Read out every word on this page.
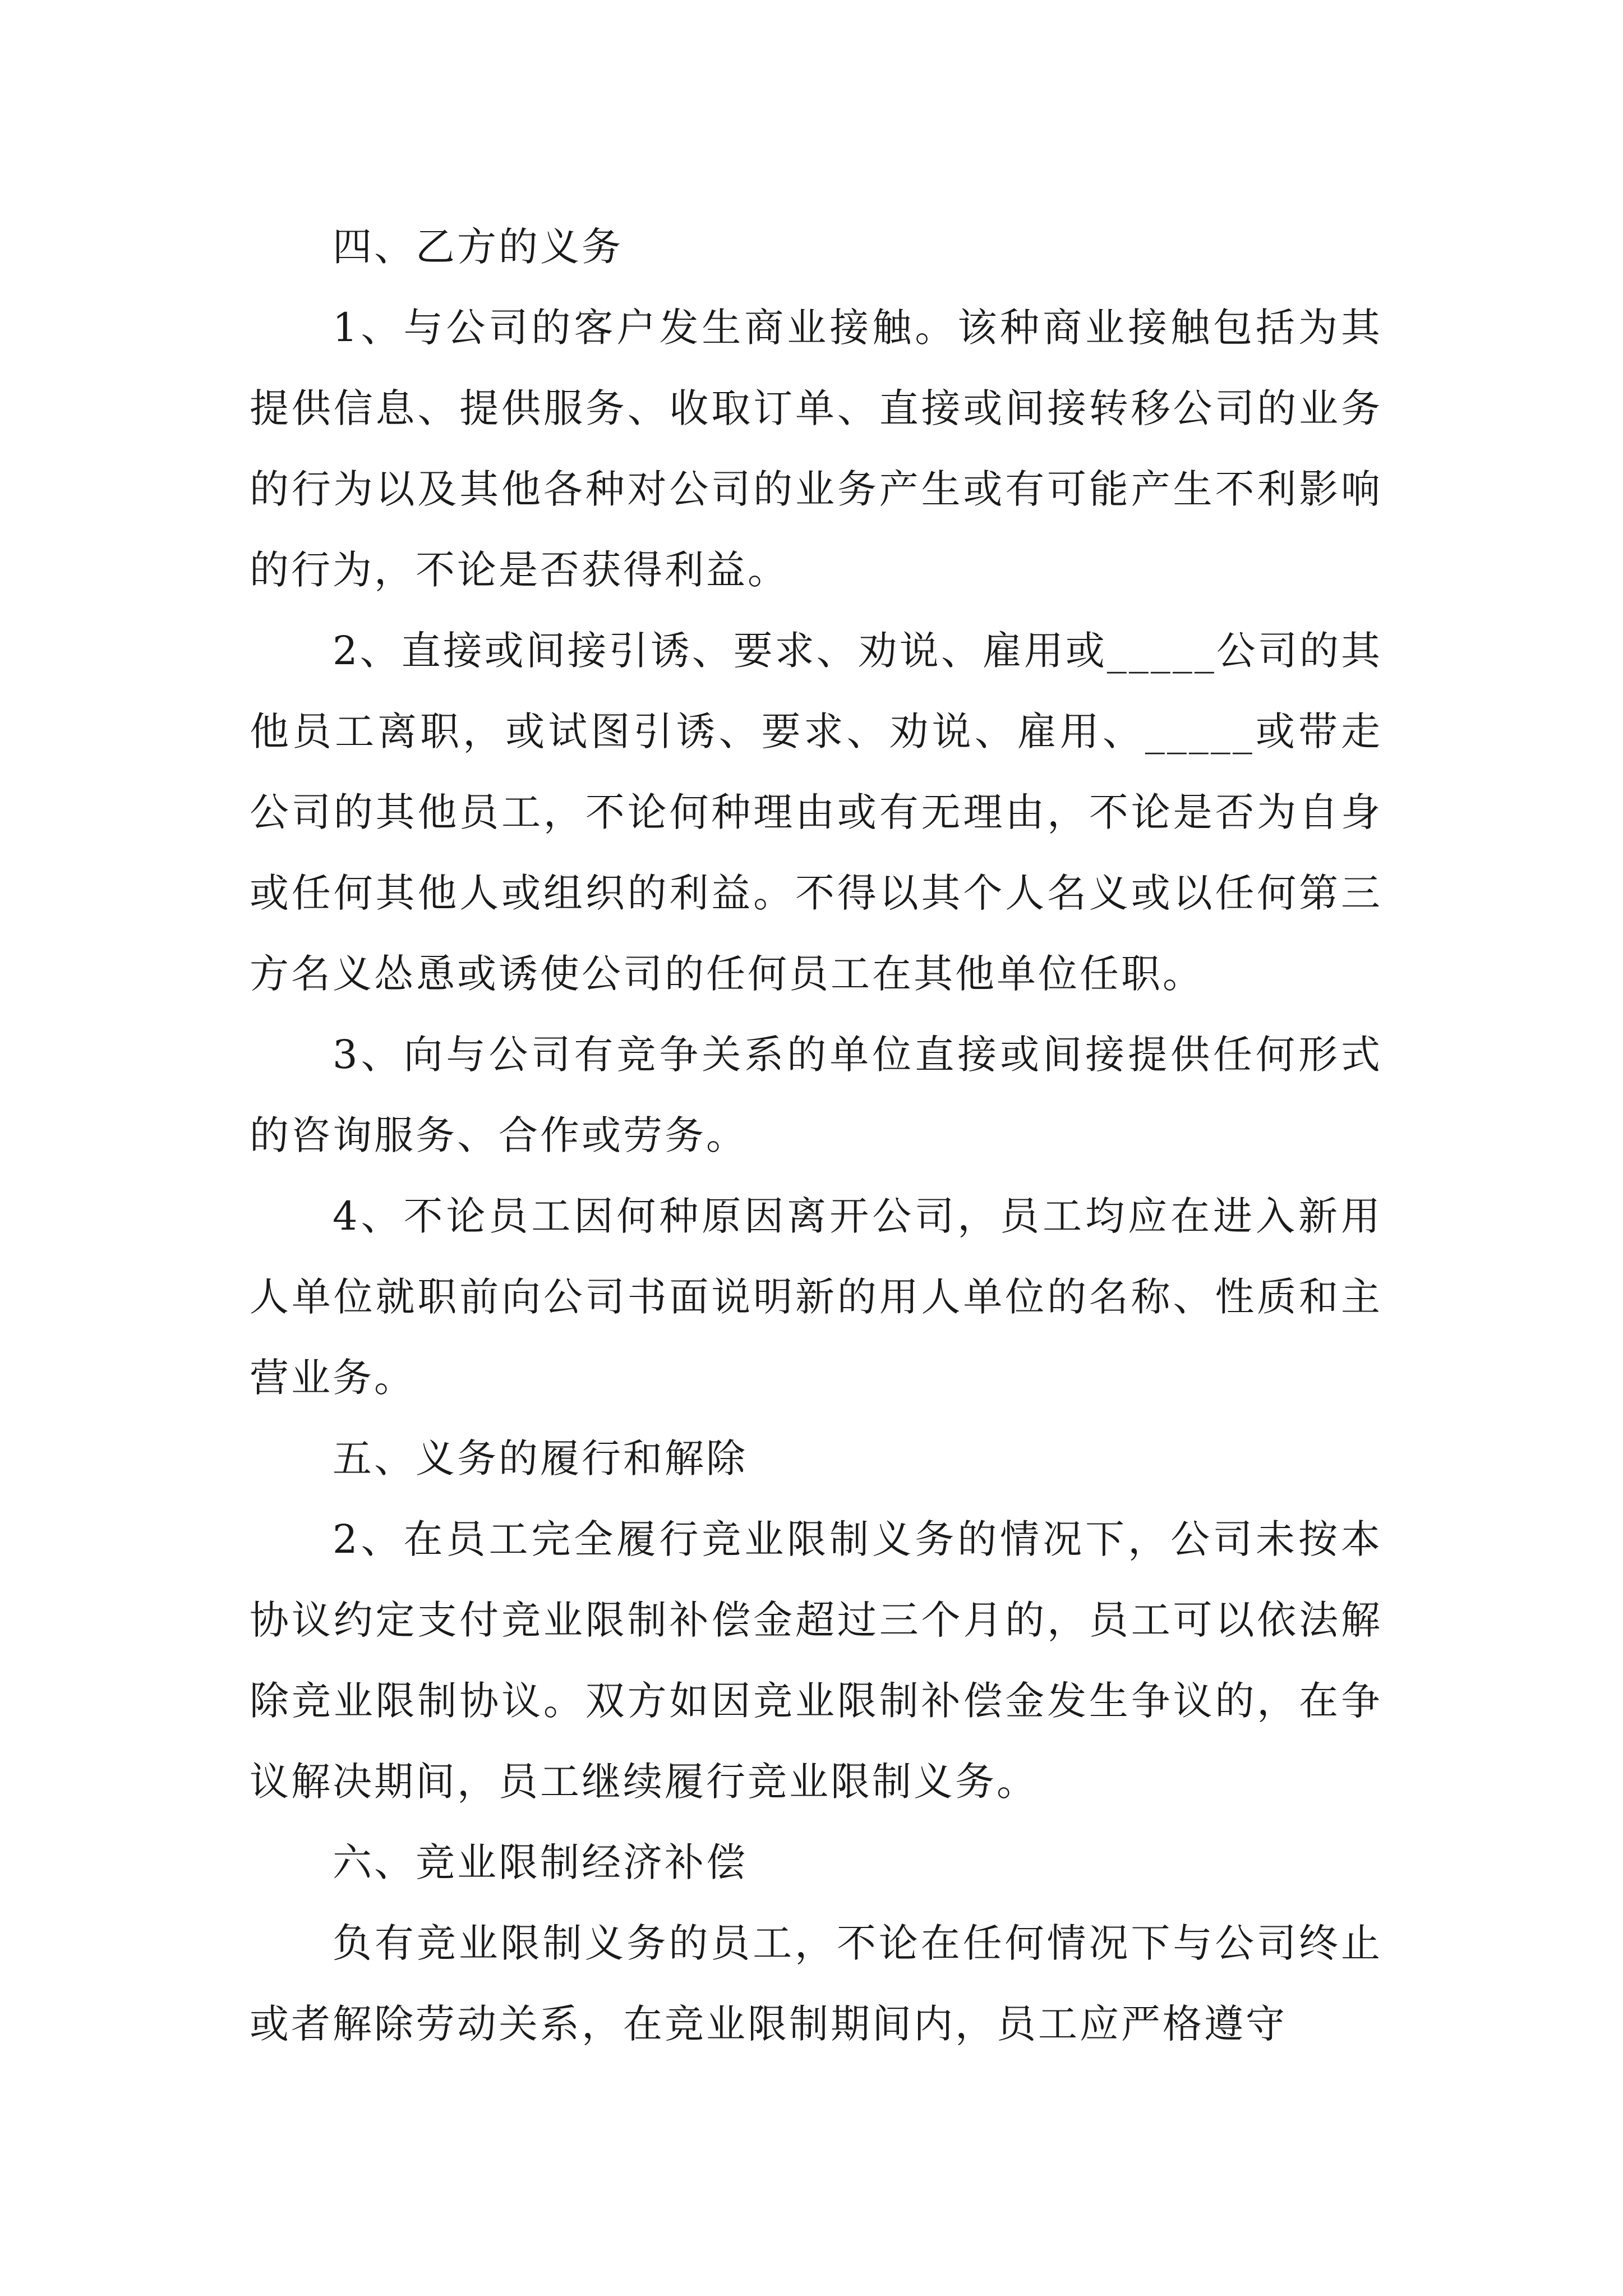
四、乙方的义务

1、与公司的客户发生商业接触。该种商业接触包括为其提供信息、提供服务、收取订单、直接或间接转移公司的业务的行为以及其他各种对公司的业务产生或有可能产生不利影响的行为，不论是否获得利益。

2、直接或间接引诱、要求、劝说、雇用或_____公司的其他员工离职，或试图引诱、要求、劝说、雇用、_____或带走公司的其他员工，不论何种理由或有无理由，不论是否为自身或任何其他人或组织的利益。不得以其个人名义或以任何第三方名义怂恿或诱使公司的任何员工在其他单位任职。

3、向与公司有竞争关系的单位直接或间接提供任何形式的咨询服务、合作或劳务。

4、不论员工因何种原因离开公司，员工均应在进入新用人单位就职前向公司书面说明新的用人单位的名称、性质和主营业务。

五、义务的履行和解除

2、在员工完全履行竞业限制义务的情况下，公司未按本协议约定支付竞业限制补偿金超过三个月的，员工可以依法解除竞业限制协议。双方如因竞业限制补偿金发生争议的，在争议解决期间，员工继续履行竞业限制义务。

六、竞业限制经济补偿

负有竞业限制义务的员工，不论在任何情况下与公司终止或者解除劳动关系，在竞业限制期间内，员工应严格遵守
